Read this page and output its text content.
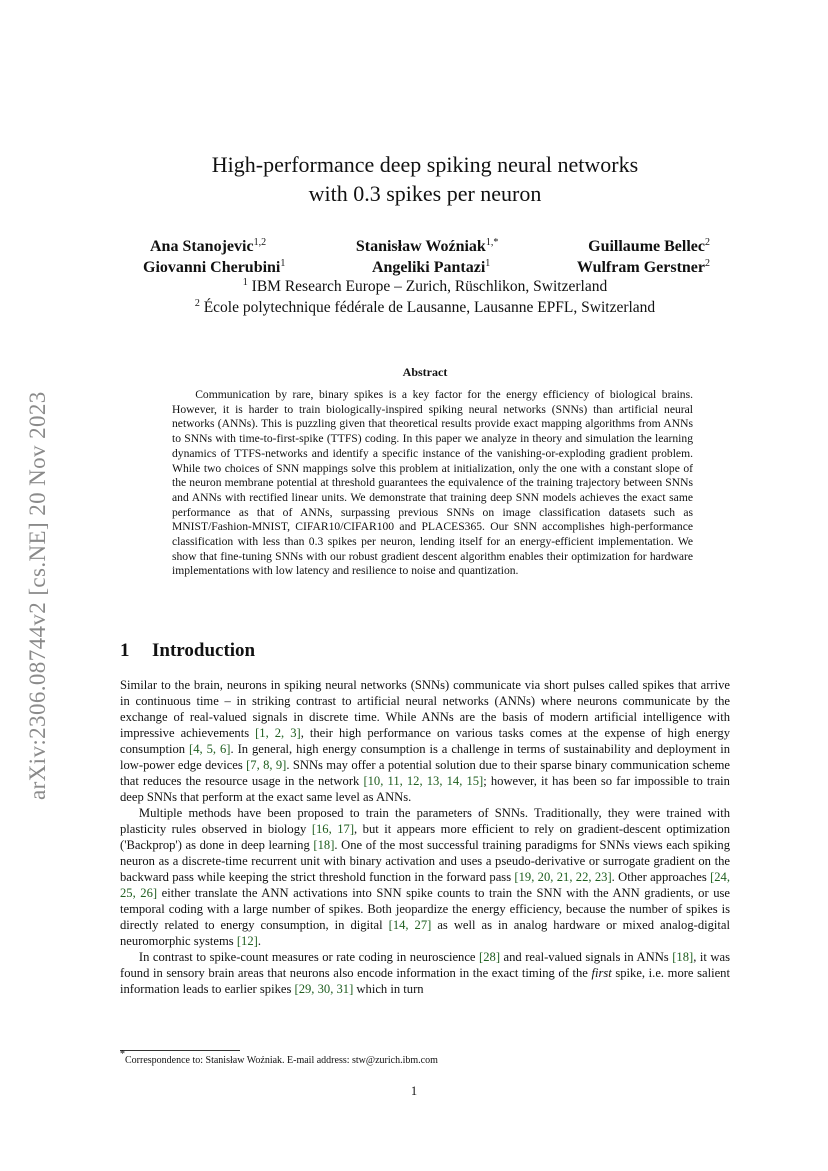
arXiv:2306.08744v2 [cs.NE] 20 Nov 2023
High-performance deep spiking neural networks
with 0.3 spikes per neuron
Ana Stanojevic$^{1,2}$	Stanisław Woźniak$^{1,*}$	Guillaume Bellec$^2$
Giovanni Cherubini$^1$	Angeliki Pantazi$^1$	Wulfram Gerstner$^2$
$^1$ IBM Research Europe – Zurich, Rüschlikon, Switzerland
$^2$ École polytechnique fédérale de Lausanne, Lausanne EPFL, Switzerland
Abstract

Communication by rare, binary spikes is a key factor for the energy efficiency of biological brains. However, it is harder to train biologically-inspired spiking neural networks (SNNs) than artificial neural networks (ANNs). This is puzzling given that theoretical results provide exact mapping algorithms from ANNs to SNNs with time-to-first-spike (TTFS) coding. In this paper we analyze in theory and simulation the learning dynamics of TTFS-networks and identify a specific instance of the vanishing-or-exploding gradient problem. While two choices of SNN mappings solve this problem at initialization, only the one with a constant slope of the neuron membrane potential at threshold guarantees the equivalence of the training trajectory between SNNs and ANNs with rectified linear units. We demonstrate that training deep SNN models achieves the exact same performance as that of ANNs, surpassing previous SNNs on image classification datasets such as MNIST/Fashion-MNIST, CIFAR10/CIFAR100 and PLACES365. Our SNN accomplishes high-performance classification with less than 0.3 spikes per neuron, lending itself for an energy-efficient implementation. We show that fine-tuning SNNs with our robust gradient descent algorithm enables their optimization for hardware implementations with low latency and resilience to noise and quantization.

1 Introduction

Similar to the brain, neurons in spiking neural networks (SNNs) communicate via short pulses called spikes that arrive in continuous time – in striking contrast to artificial neural networks (ANNs) where neurons communicate by the exchange of real-valued signals in discrete time. While ANNs are the basis of modern artificial intelligence with impressive achievements [1, 2, 3], their high performance on various tasks comes at the expense of high energy consumption [4, 5, 6]. In general, high energy consumption is a challenge in terms of sustainability and deployment in low-power edge devices [7, 8, 9]. SNNs may offer a potential solution due to their sparse binary communication scheme that reduces the resource usage in the network [10, 11, 12, 13, 14, 15]; however, it has been so far impossible to train deep SNNs that perform at the exact same level as ANNs.

Multiple methods have been proposed to train the parameters of SNNs. Traditionally, they were trained with plasticity rules observed in biology [16, 17], but it appears more efficient to rely on gradient-descent optimization ('Backprop') as done in deep learning [18]. One of the most successful training paradigms for SNNs views each spiking neuron as a discrete-time recurrent unit with binary activation and uses a pseudo-derivative or surrogate gradient on the backward pass while keeping the strict threshold function in the forward pass [19, 20, 21, 22, 23]. Other approaches [24, 25, 26] either translate the ANN activations into SNN spike counts to train the SNN with the ANN gradients, or use temporal coding with a large number of spikes. Both jeopardize the energy efficiency, because the number of spikes is directly related to energy consumption, in digital [14, 27] as well as in analog hardware or mixed analog-digital neuromorphic systems [12].

In contrast to spike-count measures or rate coding in neuroscience [28] and real-valued signals in ANNs [18], it was found in sensory brain areas that neurons also encode information in the exact timing of the first spike, i.e. more salient information leads to earlier spikes [29, 30, 31] which in turn

*Correspondence to: Stanisław Woźniak. E-mail address: stw@zurich.ibm.com
1
